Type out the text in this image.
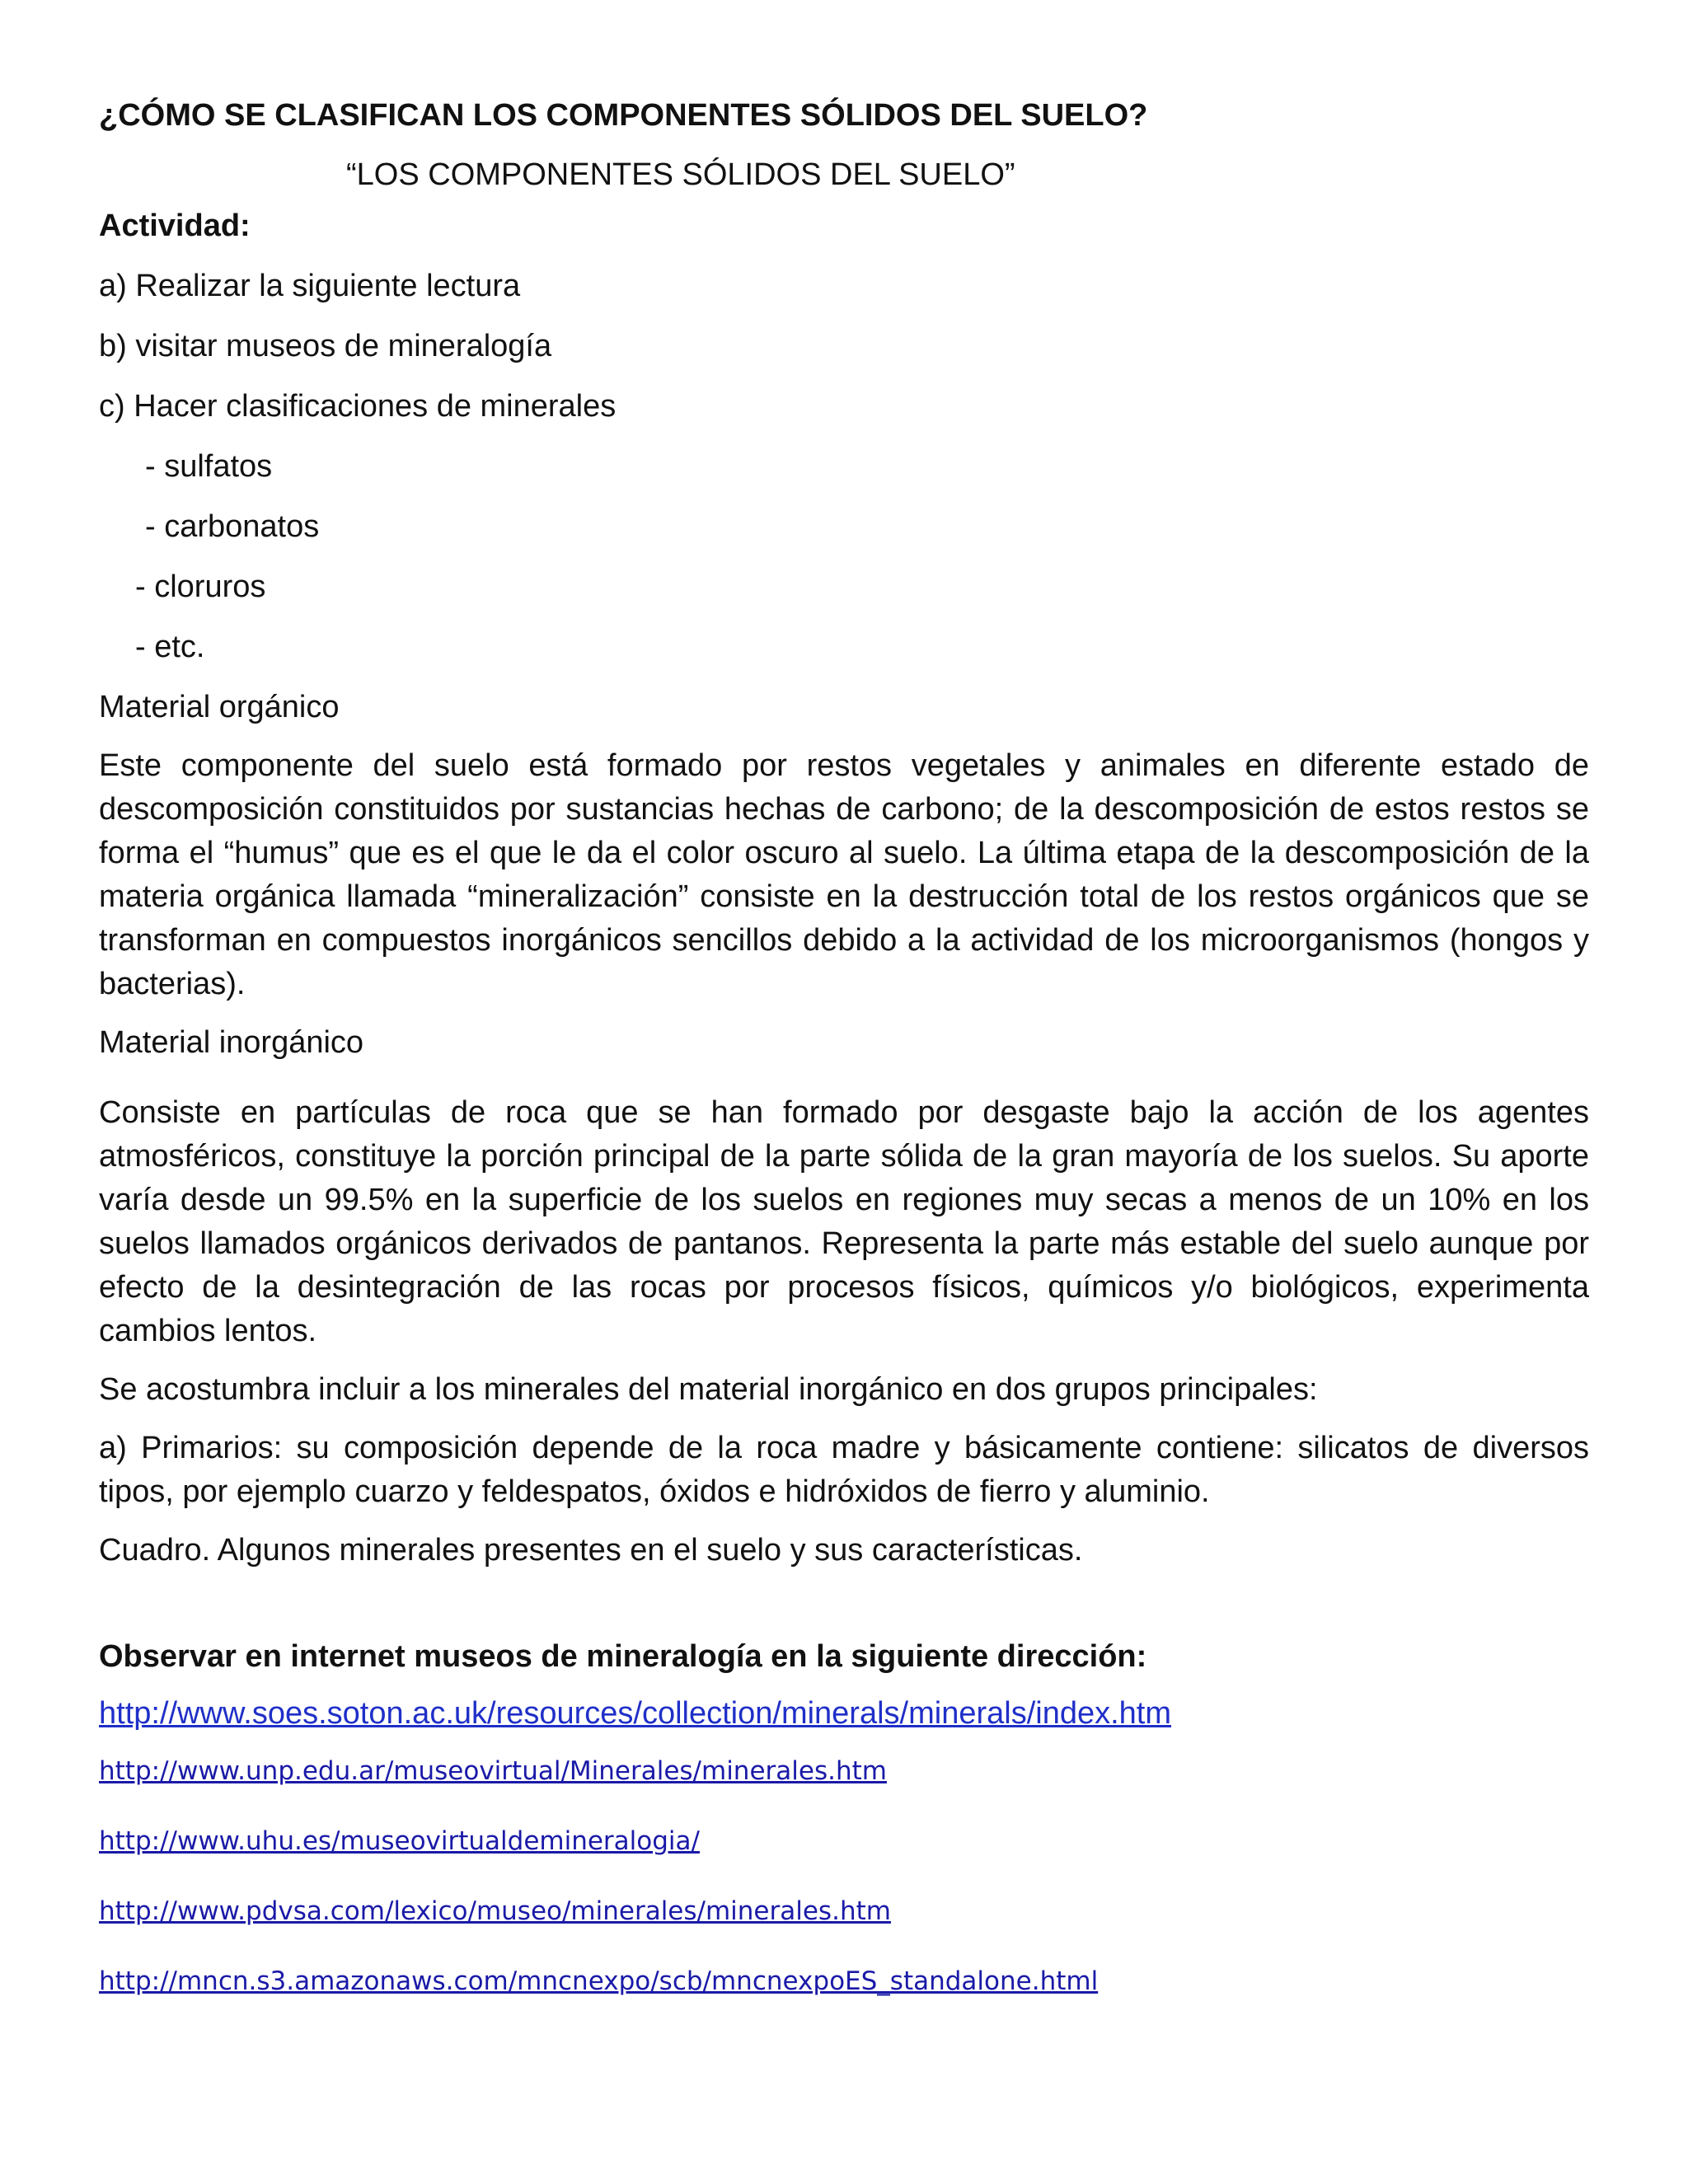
¿CÓMO SE CLASIFICAN LOS COMPONENTES SÓLIDOS DEL SUELO?
“LOS COMPONENTES SÓLIDOS DEL SUELO”
Actividad:
a) Realizar la siguiente lectura
b) visitar museos de mineralogía
c) Hacer clasificaciones de minerales
- sulfatos
- carbonatos
- cloruros
- etc.
Material orgánico
Este componente del suelo está formado por restos vegetales y animales en diferente estado de descomposición constituidos por sustancias hechas de carbono; de la descomposición de estos restos se forma el “humus” que es el que le da el color oscuro al suelo. La última etapa de la descomposición de la materia orgánica llamada “mineralización” consiste en la destrucción total de los restos orgánicos que se transforman en compuestos inorgánicos sencillos debido a la actividad de los microorganismos (hongos y bacterias).
Material inorgánico
Consiste en partículas de roca que se han formado por desgaste bajo la acción de los agentes atmosféricos, constituye la porción principal de la parte sólida de la gran mayoría de los suelos. Su aporte varía desde un 99.5% en la superficie de los suelos en regiones muy secas a menos de un 10% en los suelos llamados orgánicos derivados de pantanos. Representa la parte más estable del suelo aunque por efecto de la desintegración de las rocas por procesos físicos, químicos y/o biológicos, experimenta cambios lentos.
Se acostumbra incluir a los minerales del material inorgánico en dos grupos principales:
a) Primarios: su composición depende de la roca madre y básicamente contiene: silicatos de diversos tipos, por ejemplo cuarzo y feldespatos, óxidos e hidróxidos de fierro y aluminio.
Cuadro. Algunos minerales presentes en el suelo y sus características.
Observar en internet museos de mineralogía en la siguiente dirección:
http://www.soes.soton.ac.uk/resources/collection/minerals/minerals/index.htm
http://www.unp.edu.ar/museovirtual/Minerales/minerales.htm
http://www.uhu.es/museovirtualdemineralogia/
http://www.pdvsa.com/lexico/museo/minerales/minerales.htm
http://mncn.s3.amazonaws.com/mncnexpo/scb/mncnexpoES_standalone.html
